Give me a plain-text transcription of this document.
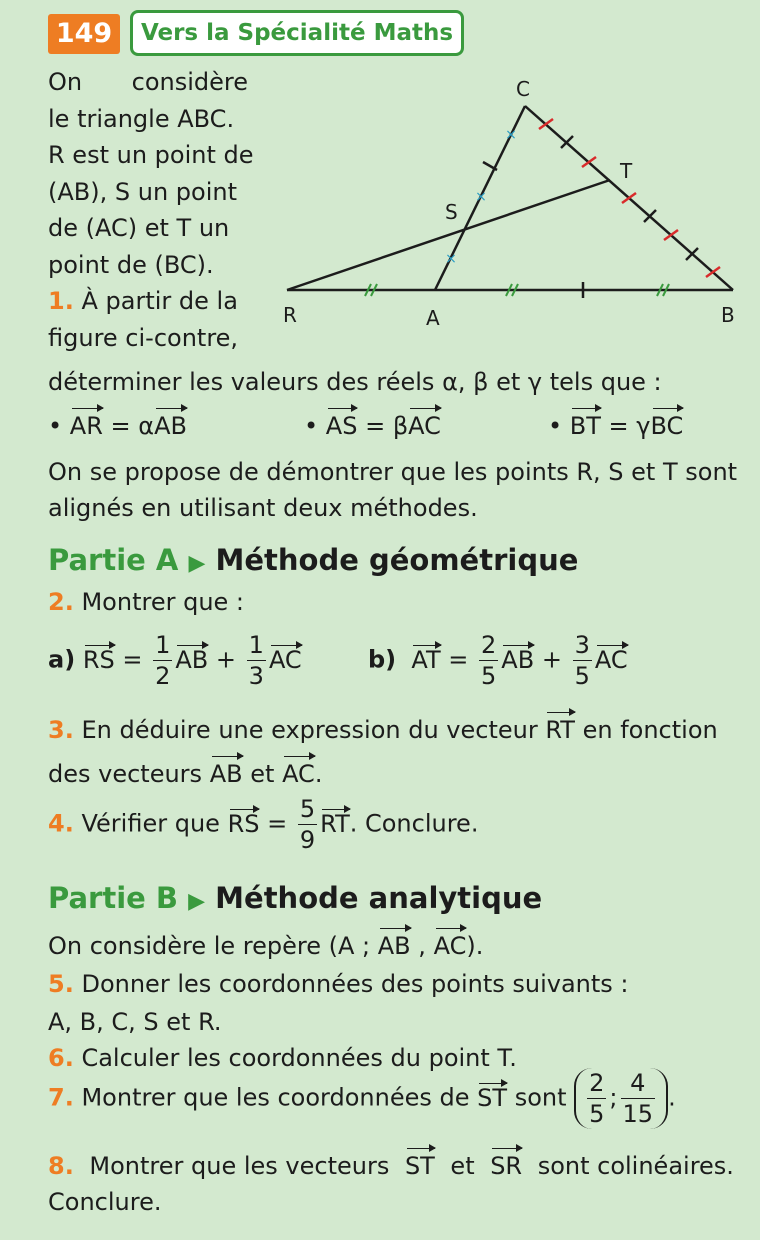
149	Vers la Spécialité Maths
On considère
le triangle ABC.
R est un point de
(AB), S un point
de (AC) et T un
point de (BC).
1. À partir de la
figure ci-contre,
×
×
×
C
T
S
R	A	B
déterminer les valeurs des réels α, β et γ tels que :
• AR = αAB	• AS = βAC	• BT = γBC
On se propose de démontrer que les points R, S et T sont
alignés en utilisant deux méthodes.
Partie A ▶ Méthode géométrique
2. Montrer que :
a) RS = $\frac{1}{2}$ AB + $\frac{1}{3}$ AC	b) AT = $\frac{2}{5}$ AB + $\frac{3}{5}$ AC
3. En déduire une expression du vecteur RT en fonction
des vecteurs AB et AC.
4. Vérifier que RS = $\frac{5}{9}$ RT. Conclure.
Partie B ▶ Méthode analytique
On considère le repère (A ; AB , AC).
5. Donner les coordonnées des points suivants :
A, B, C, S et R.
6. Calculer les coordonnées du point T.
7. Montrer que les coordonnées de ST sont $\frac{2}{5}$ ; $\frac{4}{15}$ .
8. Montrer que les vecteurs ST et SR sont colinéaires.
Conclure.
